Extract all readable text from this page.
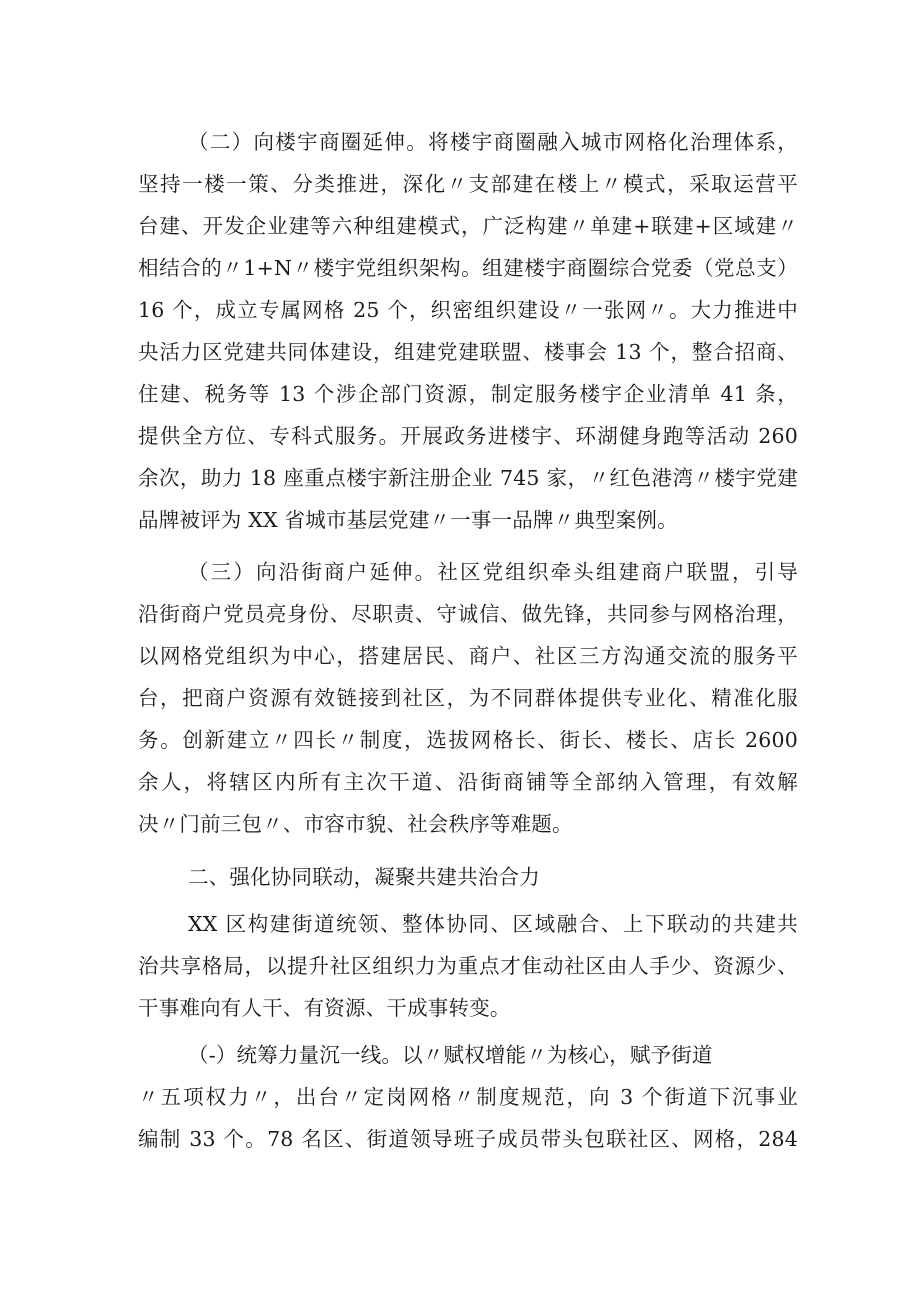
（二）向楼宇商圈延伸。将楼宇商圈融入城市网格化治理体系，
坚持一楼一策、分类推进，深化〃支部建在楼上〃模式，采取运营平
台建、开发企业建等六种组建模式，广泛构建〃单建+联建+区域建〃
相结合的〃1+N〃楼宇党组织架构。组建楼宇商圈综合党委（党总支）
16 个，成立专属网格 25 个，织密组织建设〃一张网〃。大力推进中
央活力区党建共同体建设，组建党建联盟、楼事会 13 个，整合招商、
住建、税务等 13 个涉企部门资源，制定服务楼宇企业清单 41 条，
提供全方位、专科式服务。开展政务进楼宇、环湖健身跑等活动 260
余次，助力 18 座重点楼宇新注册企业 745 家，〃红色港湾〃楼宇党建
品牌被评为 XX 省城市基层党建〃一事一品牌〃典型案例。
（三）向沿街商户延伸。社区党组织牵头组建商户联盟，引导
沿街商户党员亮身份、尽职责、守诚信、做先锋，共同参与网格治理，
以网格党组织为中心，搭建居民、商户、社区三方沟通交流的服务平
台，把商户资源有效链接到社区，为不同群体提供专业化、精准化服
务。创新建立〃四长〃制度，选拔网格长、街长、楼长、店长 2600
余人，将辖区内所有主次干道、沿街商铺等全部纳入管理，有效解
决〃门前三包〃、市容市貌、社会秩序等难题。
二、强化协同联动，凝聚共建共治合力
XX 区构建街道统领、整体协同、区域融合、上下联动的共建共
治共享格局，以提升社区组织力为重点才隹动社区由人手少、资源少、
干事难向有人干、有资源、干成事转变。
（-）统筹力量沉一线。以〃赋权增能〃为核心，赋予街道
〃五项权力〃，出台〃定岗网格〃制度规范，向 3 个街道下沉事业
编制 33 个。78 名区、街道领导班子成员带头包联社区、网格，284
